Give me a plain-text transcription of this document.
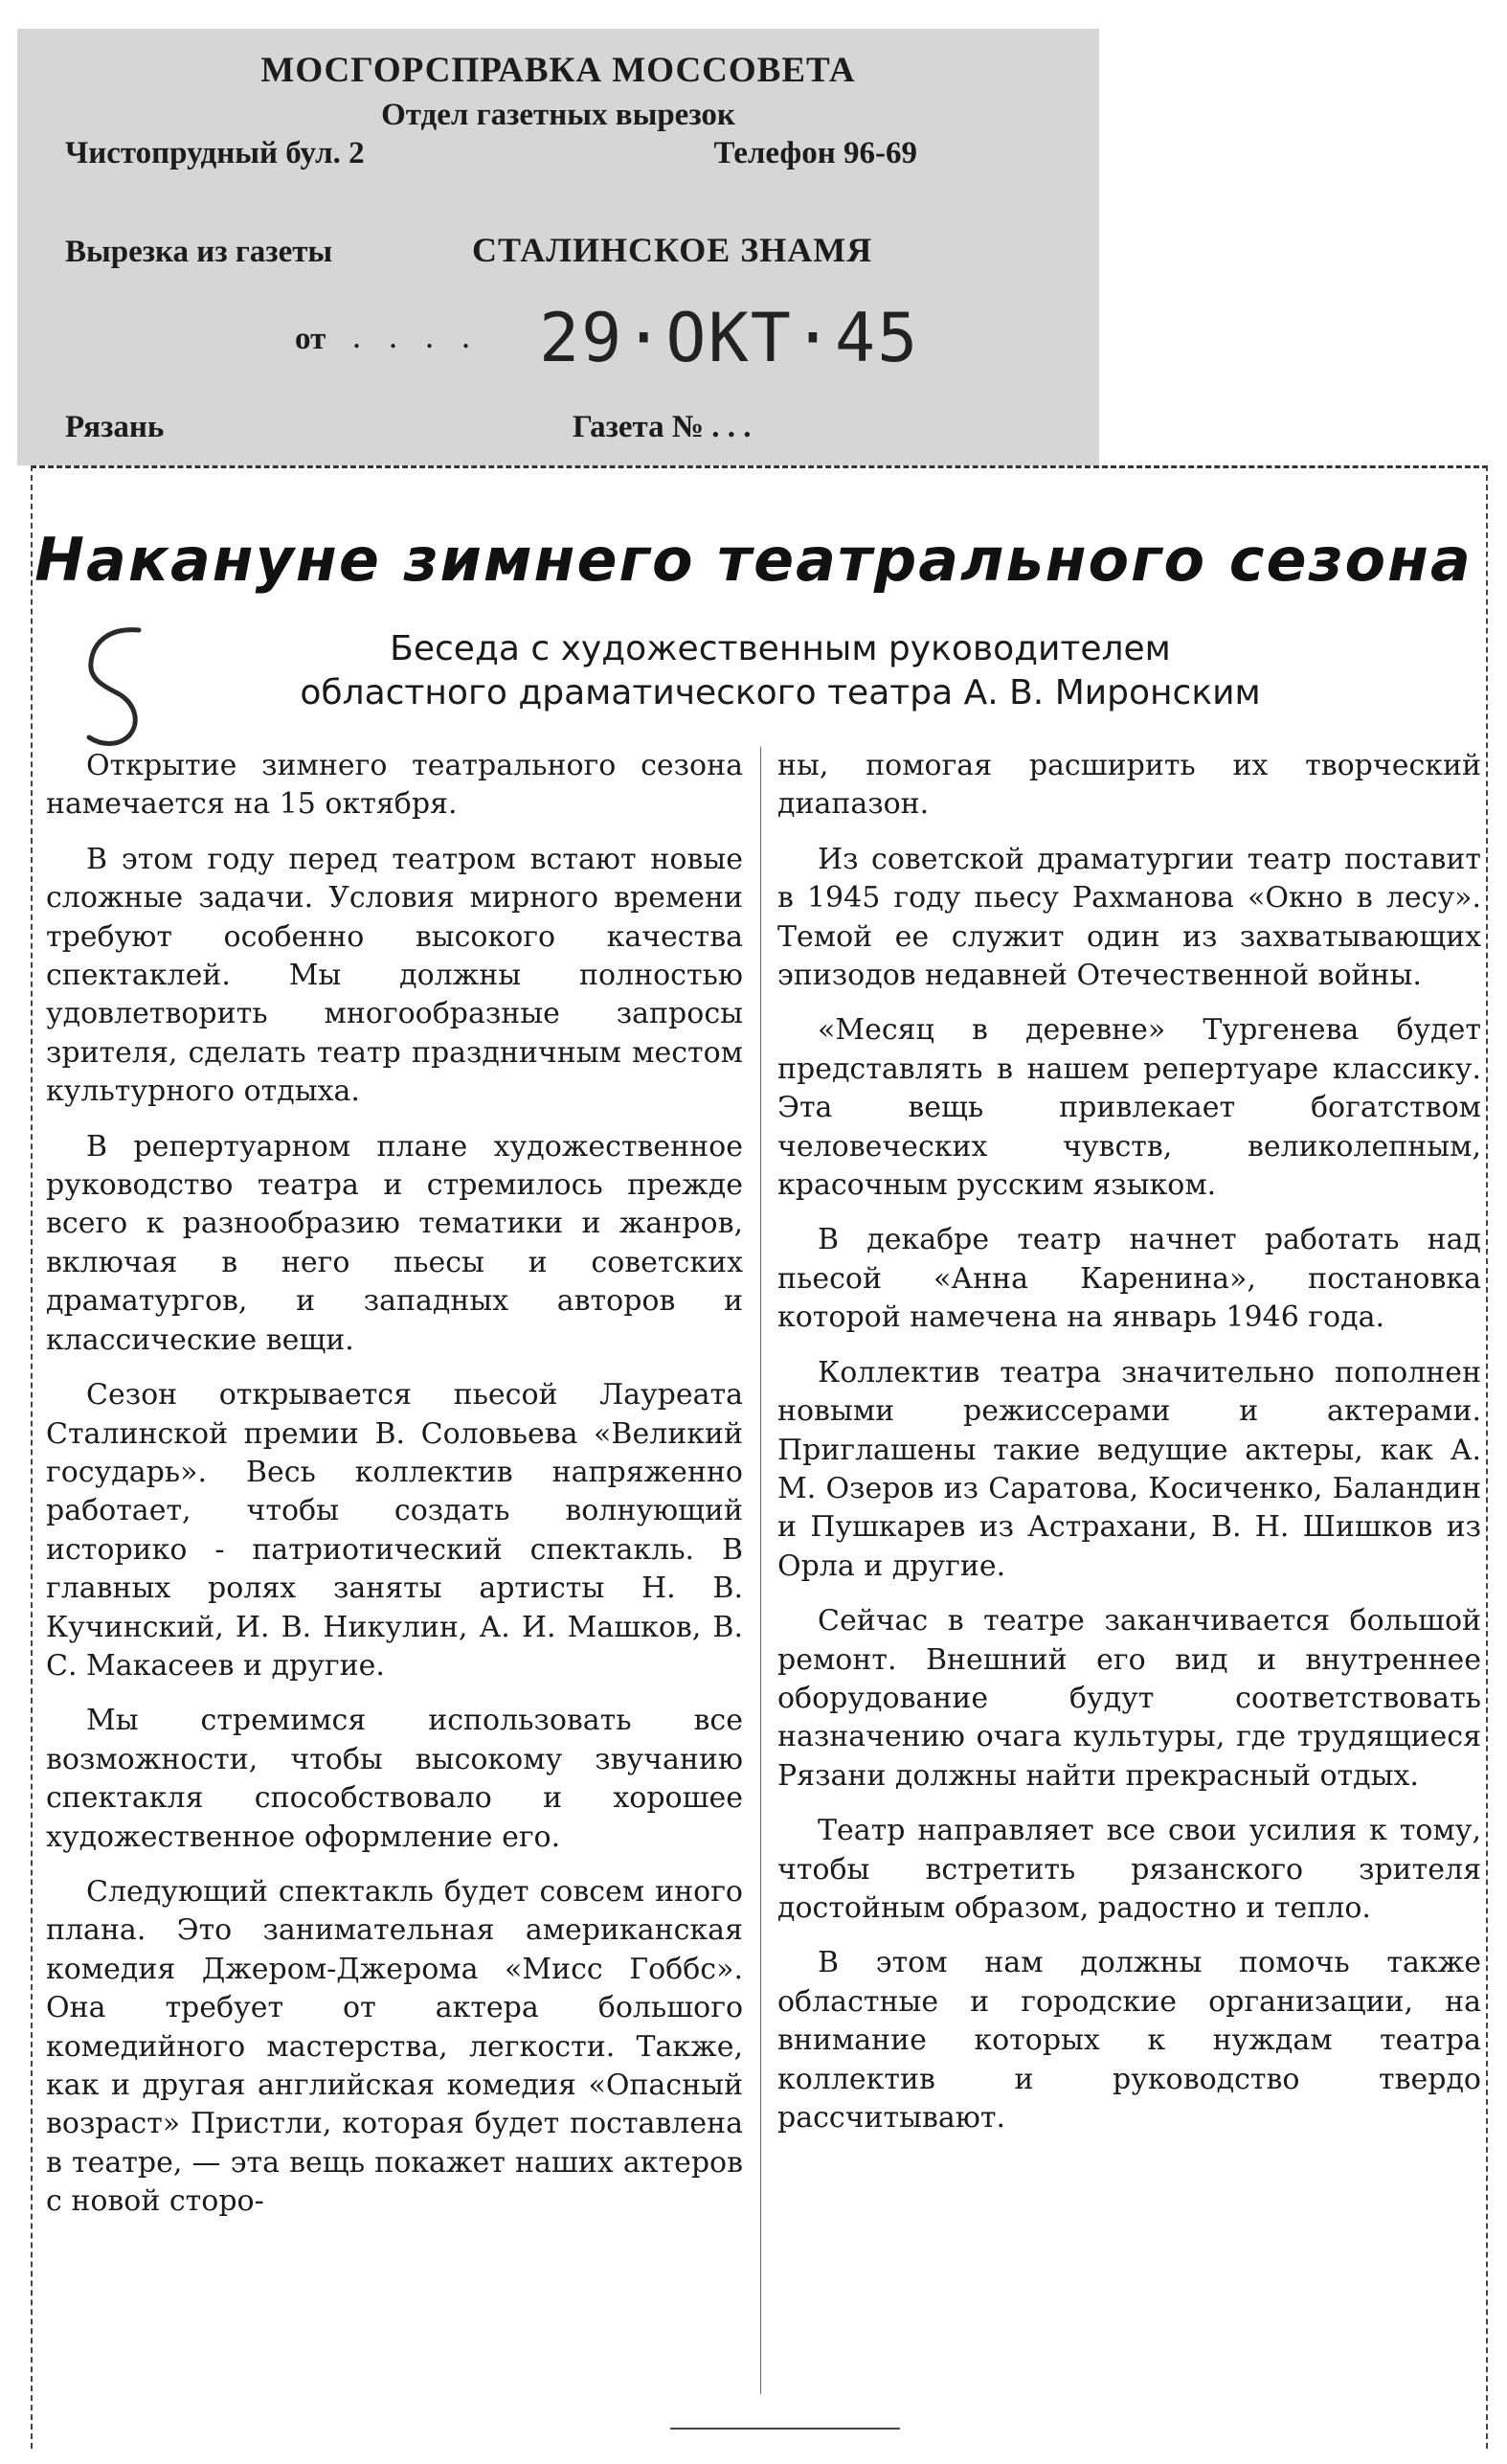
МОСГОРСПРАВКА МОССОВЕТА
Отдел газетных вырезок
Чистопрудный бул. 2	Телефон 96-69
Вырезка из газеты	СТАЛИНСКОЕ ЗНАМЯ
от . . . . 29·ОКТ·45
Рязань	Газета № . . .
Накануне зимнего театрального сезона
Беседа с художественным руководителем
областного драматического театра А. В. Миронским

Открытие зимнего театрального сезона намечается на 15 октября.

В этом году перед театром встают новые сложные задачи. Условия мирного времени требуют особенно высокого качества спектаклей. Мы должны полностью удовлетворить многообразные запросы зрителя, сделать театр праздничным местом культурного отдыха.

В репертуарном плане художественное руководство театра и стремилось прежде всего к разнообразию тематики и жанров, включая в него пьесы и советских драматургов, и западных авторов и классические вещи.

Сезон открывается пьесой Лауреата Сталинской премии В. Соловьева «Великий государь». Весь коллектив напряженно работает, чтобы создать волнующий историко - патриотический спектакль. В главных ролях заняты артисты Н. В. Кучинский, И. В. Никулин, А. И. Машков, В. С. Макасеев и другие.

Мы стремимся использовать все возможности, чтобы высокому звучанию спектакля способствовало и хорошее художественное оформление его.

Следующий спектакль будет совсем иного плана. Это занимательная американская комедия Джером-Джерома «Мисс Гоббс». Она требует от актера большого комедийного мастерства, легкости. Также, как и другая английская комедия «Опасный возраст» Пристли, которая будет поставлена в театре, — эта вещь покажет наших актеров с новой сторо-

ны, помогая расширить их творческий диапазон.

Из советской драматургии театр поставит в 1945 году пьесу Рахманова «Окно в лесу». Темой ее служит один из захватывающих эпизодов недавней Отечественной войны.

«Месяц в деревне» Тургенева будет представлять в нашем репертуаре классику. Эта вещь привлекает богатством человеческих чувств, великолепным, красочным русским языком.

В декабре театр начнет работать над пьесой «Анна Каренина», постановка которой намечена на январь 1946 года.

Коллектив театра значительно пополнен новыми режиссерами и актерами. Приглашены такие ведущие актеры, как А. М. Озеров из Саратова, Косиченко, Баландин и Пушкарев из Астрахани, В. Н. Шишков из Орла и другие.

Сейчас в театре заканчивается большой ремонт. Внешний его вид и внутреннее оборудование будут соответствовать назначению очага культуры, где трудящиеся Рязани должны найти прекрасный отдых.

Театр направляет все свои усилия к тому, чтобы встретить рязанского зрителя достойным образом, радостно и тепло.

В этом нам должны помочь также областные и городские организации, на внимание которых к нуждам театра коллектив и руководство твердо рассчитывают.
